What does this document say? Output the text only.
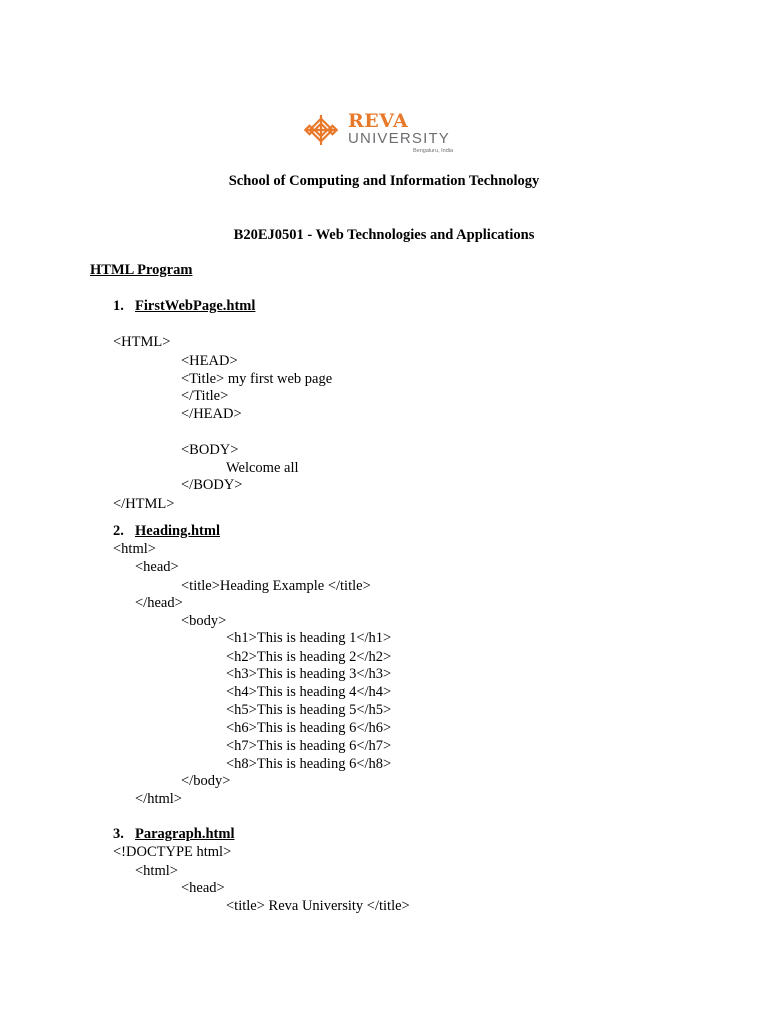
REVA
UNIVERSITY
Bengaluru, India
School of Computing and Information Technology
B20EJ0501 - Web Technologies and Applications
HTML Program
1. FirstWebPage.html
<HTML>
<HEAD>
<Title> my first web page
</Title>
</HEAD>
<BODY>
Welcome all
</BODY>
</HTML>
2. Heading.html
<html>
<head>
<title>Heading Example </title>
</head>
<body>
<h1>This is heading 1</h1>
<h2>This is heading 2</h2>
<h3>This is heading 3</h3>
<h4>This is heading 4</h4>
<h5>This is heading 5</h5>
<h6>This is heading 6</h6>
<h7>This is heading 6</h7>
<h8>This is heading 6</h8>
</body>
</html>
3. Paragraph.html
<!DOCTYPE html>
<html>
<head>
<title> Reva University </title>
